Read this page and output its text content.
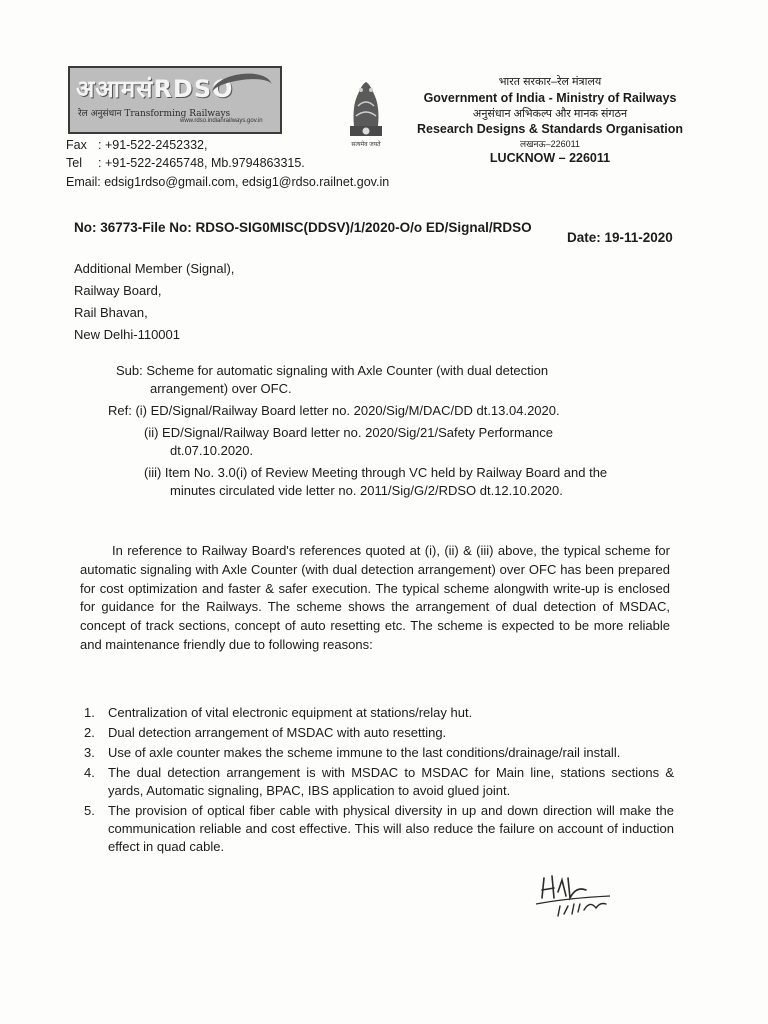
अआमसंRDSO
रेल अनुसंधान Transforming Railways
www.rdso.indianrailways.gov.in
सत्यमेव जयते
भारत सरकार–रेल मंत्रालय
Government of India - Ministry of Railways
अनुसंधान अभिकल्प और मानक संगठन
Research Designs & Standards Organisation
लखनऊ–226011
LUCKNOW – 226011
Fax : +91-522-2452332,
Tel	: +91-522-2465748, Mb.9794863315.
Email: edsig1rdso@gmail.com, edsig1@rdso.railnet.gov.in
No: 36773-File No: RDSO-SIG0MISC(DDSV)/1/2020-O/o ED/Signal/RDSO
Date: 19-11-2020
Additional Member (Signal),
Railway Board,
Rail Bhavan,
New Delhi-110001

Sub: Scheme for automatic signaling with Axle Counter (with dual detection

arrangement) over OFC.

Ref: (i) ED/Signal/Railway Board letter no. 2020/Sig/M/DAC/DD dt.13.04.2020.

(ii) ED/Signal/Railway Board letter no. 2020/Sig/21/Safety Performance

dt.07.10.2020.

(iii) Item No. 3.0(i) of Review Meeting through VC held by Railway Board and the

minutes circulated vide letter no. 2011/Sig/G/2/RDSO dt.12.10.2020.

In reference to Railway Board's references quoted at (i), (ii) & (iii) above, the typical scheme for automatic signaling with Axle Counter (with dual detection arrangement) over OFC has been prepared for cost optimization and faster & safer execution. The typical scheme alongwith write-up is enclosed for guidance for the Railways. The scheme shows the arrangement of dual detection of MSDAC, concept of track sections, concept of auto resetting etc. The scheme is expected to be more reliable and maintenance friendly due to following reasons:
1.	Centralization of vital electronic equipment at stations/relay hut.
2.	Dual detection arrangement of MSDAC with auto resetting.
3.	Use of axle counter makes the scheme immune to the last conditions/drainage/rail install.
4.	The dual detection arrangement is with MSDAC to MSDAC for Main line, stations sections & yards, Automatic signaling, BPAC, IBS application to avoid glued joint.
5.	The provision of optical fiber cable with physical diversity in up and down direction will make the communication reliable and cost effective. This will also reduce the failure on account of induction effect in quad cable.
